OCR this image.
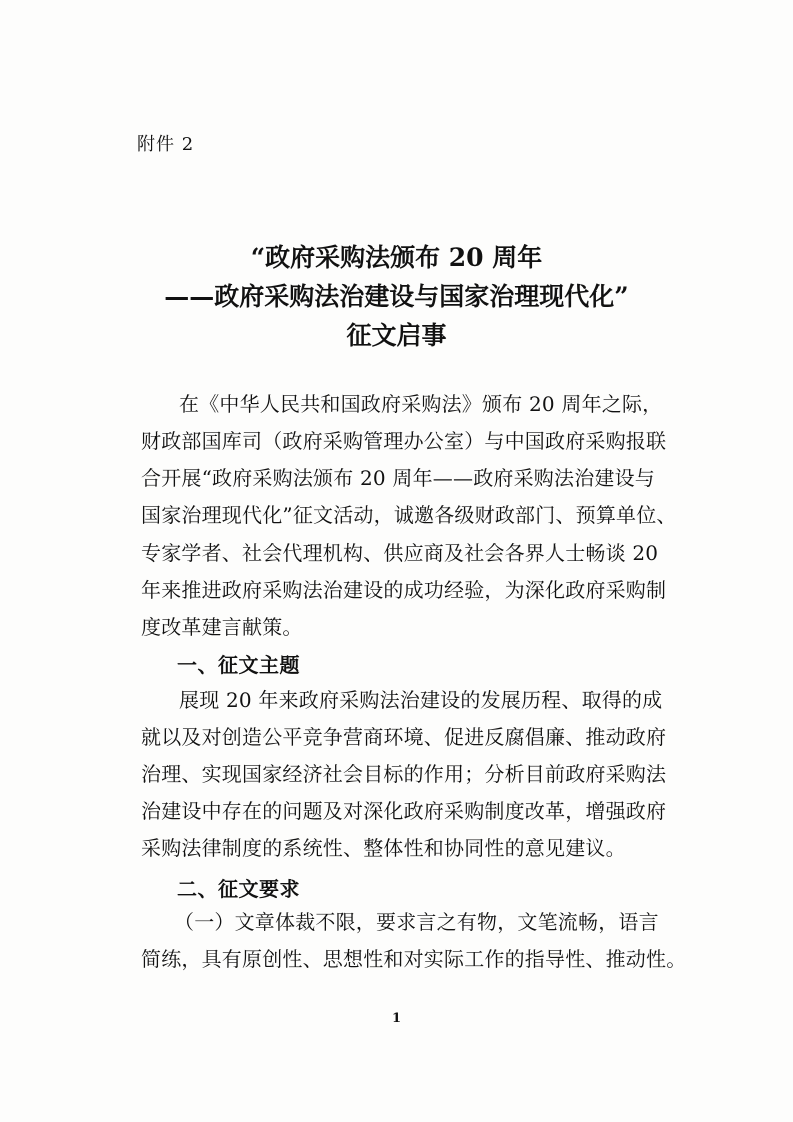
附件 2
“政府采购法颁布 20 周年
——政府采购法治建设与国家治理现代化”
征文启事
在《中华人民共和国政府采购法》颁布 20 周年之际，
财政部国库司（政府采购管理办公室）与中国政府采购报联
合开展“政府采购法颁布 20 周年——政府采购法治建设与
国家治理现代化”征文活动，诚邀各级财政部门、预算单位、
专家学者、社会代理机构、供应商及社会各界人士畅谈 20
年来推进政府采购法治建设的成功经验，为深化政府采购制
度改革建言献策。
一、征文主题
展现 20 年来政府采购法治建设的发展历程、取得的成
就以及对创造公平竞争营商环境、促进反腐倡廉、推动政府
治理、实现国家经济社会目标的作用；分析目前政府采购法
治建设中存在的问题及对深化政府采购制度改革，增强政府
采购法律制度的系统性、整体性和协同性的意见建议。
二、征文要求
（一）文章体裁不限，要求言之有物，文笔流畅，语言
简练，具有原创性、思想性和对实际工作的指导性、推动性。
1
